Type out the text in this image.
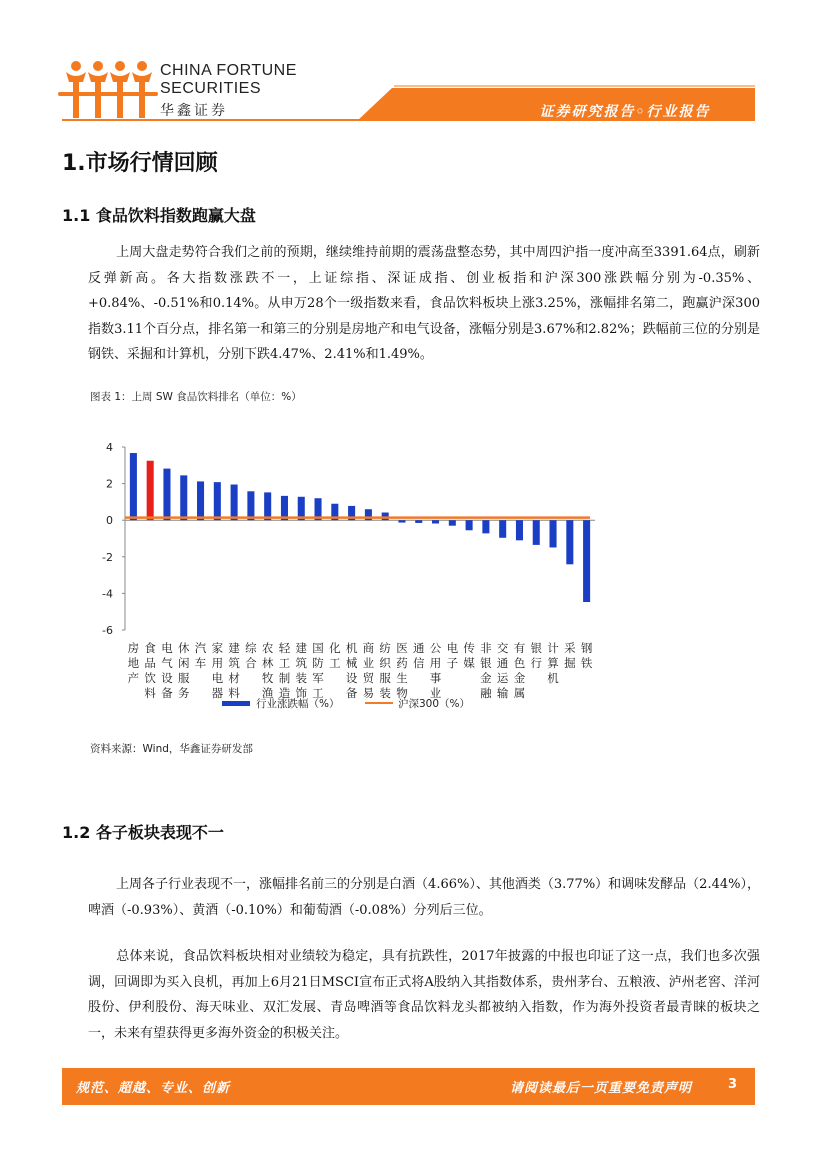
CHINA FORTUNE
SECURITIES
华鑫证券	证券研究报告◦行业报告
1.市场行情回顾
1.1 食品饮料指数跑赢大盘
上周大盘走势符合我们之前的预期，继续维持前期的震荡盘整态势，其中周四沪指一度冲高至3391.64点，刷新反弹新高。各大指数涨跌不一，上证综指、深证成指、创业板指和沪深300涨跌幅分别为-0.35%、+0.84%、-0.51%和0.14%。从申万28个一级指数来看，食品饮料板块上涨3.25%，涨幅排名第二，跑赢沪深300指数3.11个百分点，排名第一和第三的分别是房地产和电气设备，涨幅分别是3.67%和2.82%；跌幅前三位的分别是钢铁、采掘和计算机，分别下跌4.47%、2.41%和1.49%。
图表 1：上周 SW 食品饮料排名（单位：%）
4
2
0
-2
-4
-6
房
地
产
食
品
饮
料
电
气
设
备
休
闲
服
务
汽
车
家
用
电
器
建
筑
材
料
综
合
农
林
牧
渔
轻
工
制
造
建
筑
装
饰
国
防
军
工
化
工
机
械
设
备
商
业
贸
易
纺
织
服
装
医
药
生
物
通
信
公
用
事
业
电
子
传
媒
非
银
金
融
交
通
运
输
有
色
金
属
银
行
计
算
机
采
掘
钢
铁
行业涨跌幅（%）	沪深300（%）
资料来源：Wind，华鑫证券研发部
1.2 各子板块表现不一
上周各子行业表现不一，涨幅排名前三的分别是白酒（4.66%）、其他酒类（3.77%）和调味发酵品（2.44%），啤酒（-0.93%）、黄酒（-0.10%）和葡萄酒（-0.08%）分列后三位。
总体来说，食品饮料板块相对业绩较为稳定，具有抗跌性，2017年披露的中报也印证了这一点，我们也多次强调，回调即为买入良机，再加上6月21日MSCI宣布正式将A股纳入其指数体系，贵州茅台、五粮液、泸州老窖、洋河股份、伊利股份、海天味业、双汇发展、青岛啤酒等食品饮料龙头都被纳入指数，作为海外投资者最青睐的板块之一，未来有望获得更多海外资金的积极关注。
规范、超越、专业、创新	请阅读最后一页重要免责声明	3
